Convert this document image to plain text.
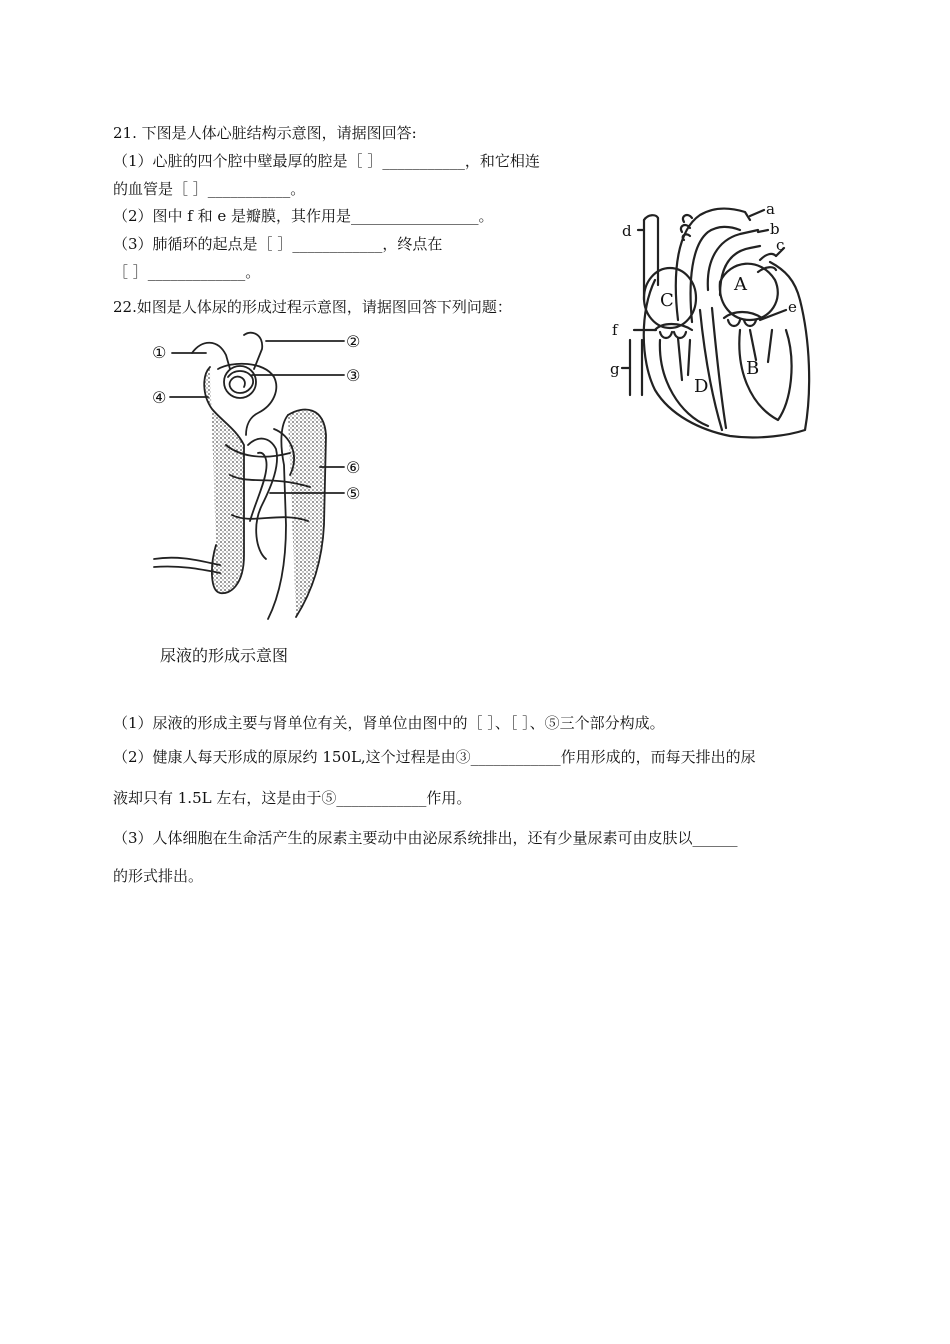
21. 下图是人体心脏结构示意图，请据图回答:
（1）心脏的四个腔中壁最厚的腔是［ ］___________，和它相连
的血管是［ ］___________。
（2）图中 f 和 e 是瓣膜，其作用是_________________。
（3）肺循环的起点是［ ］____________，终点在
［ ］_____________。
a
b
c
d
e
f
g
A
B
C
D
22.如图是人体尿的形成过程示意图，请据图回答下列问题：
①
②
③
④
⑤
⑥
尿液的形成示意图
（1）尿液的形成主要与肾单位有关，肾单位由图中的［ ］、［ ］、⑤三个部分构成。
（2）健康人每天形成的原尿约 150L,这个过程是由③____________作用形成的，而每天排出的尿
液却只有 1.5L 左右，这是由于⑤____________作用。
（3）人体细胞在生命活产生的尿素主要动中由泌尿系统排出，还有少量尿素可由皮肤以______
的形式排出。
